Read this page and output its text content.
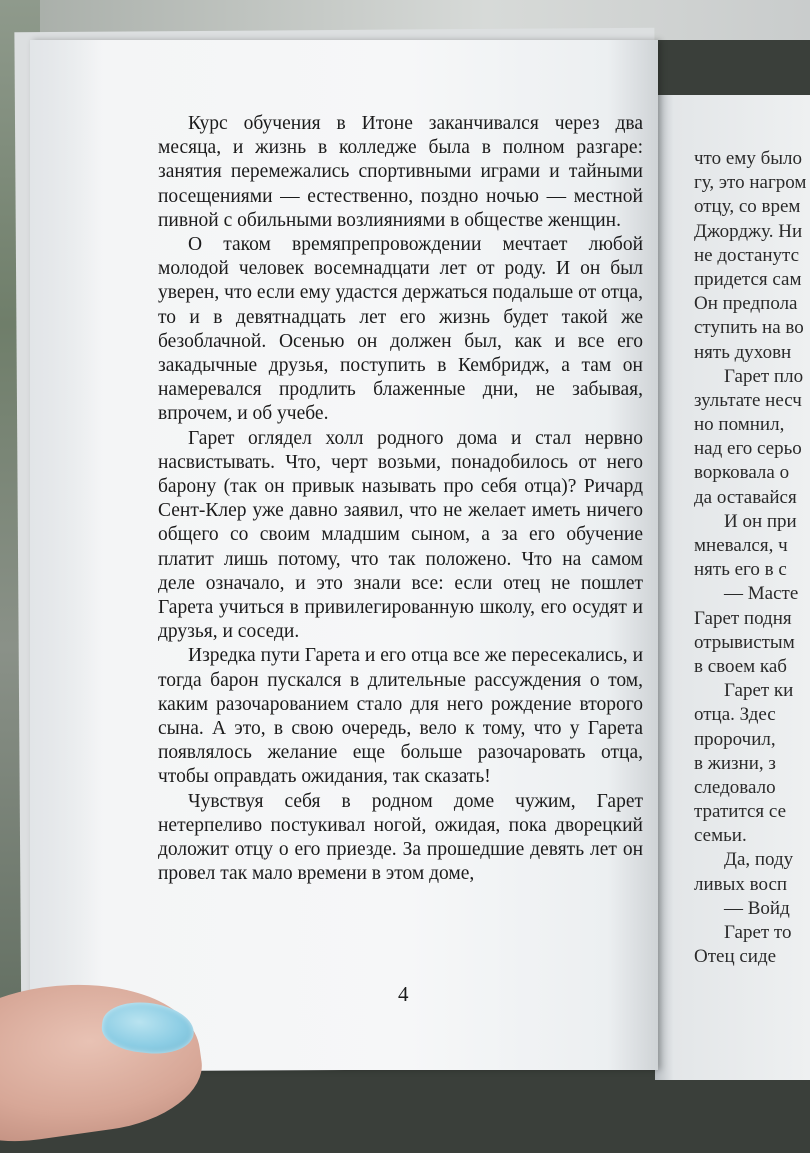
Курс обучения в Итоне заканчивался через два месяца, и жизнь в колледже была в полном разгаре: занятия перемежались спортивными играми и тайными посещениями — естественно, поздно ночью — местной пивной с обильными возлияниями в обществе женщин.

О таком времяпрепровождении мечтает любой молодой человек восемнадцати лет от роду. И он был уверен, что если ему удастся держаться подальше от отца, то и в девятнадцать лет его жизнь будет такой же безоблачной. Осенью он должен был, как и все его закадычные друзья, поступить в Кембридж, а там он намеревался продлить блаженные дни, не забывая, впрочем, и об учебе.

Гарет оглядел холл родного дома и стал нервно насвистывать. Что, черт возьми, понадобилось от него барону (так он привык называть про себя отца)? Ричард Сент-Клер уже давно заявил, что не желает иметь ничего общего со своим младшим сыном, а за его обучение платит лишь потому, что так положено. Что на самом деле означало, и это знали все: если отец не пошлет Гарета учиться в привилегированную школу, его осудят и друзья, и соседи.

Изредка пути Гарета и его отца все же пересекались, и тогда барон пускался в длительные рассуждения о том, каким разочарованием стало для него рождение второго сына. А это, в свою очередь, вело к тому, что у Гарета появлялось желание еще больше разочаровать отца, чтобы оправдать ожидания, так сказать!

Чувствуя себя в родном доме чужим, Гарет нетерпеливо постукивал ногой, ожидая, пока дворецкий доложит отцу о его приезде. За прошедшие девять лет он провел так мало времени в этом доме,

4
что ему было
гу, это нагром
отцу, со врем
Джорджу. Ни
не достанутс
придется сам
Он предпола
ступить на во
нять духовн
Гарет пло
зультате несч
но помнил,
над его серьо
ворковала о
да оставайся
И он при
мневался, ч
нять его в с
— Масте
Гарет подня
отрывистым
в своем каб
Гарет ки
отца. Здес
пророчил,
в жизни, з
следовало
тратится се
семьи.
Да, поду
ливых восп
— Войд
Гарет то
Отец сиде
